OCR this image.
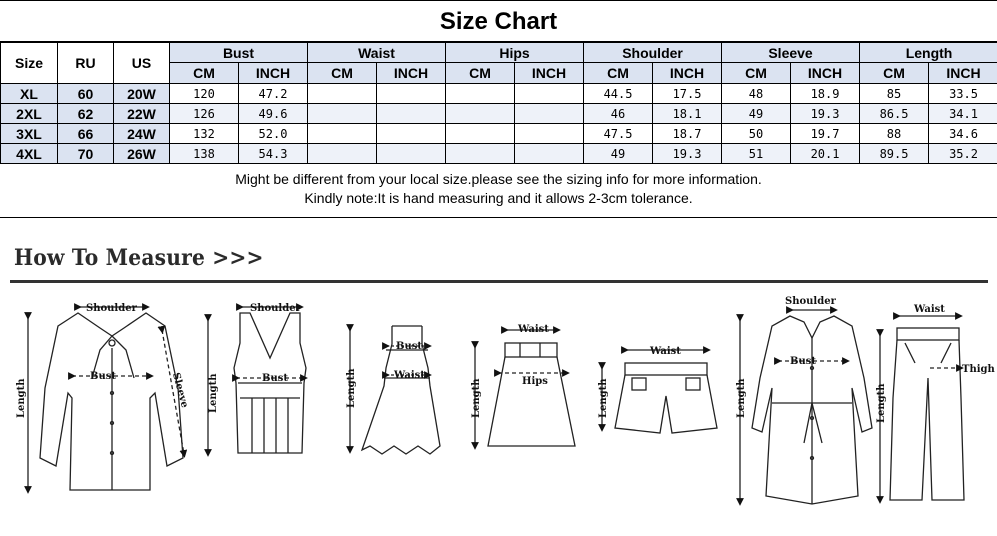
Size Chart
Size	RU	US	Bust		Waist		Hips		Shoulder		Sleeve		Length	
			CM	INCH	CM	INCH	CM	INCH	CM	INCH	CM	INCH	CM	INCH
XL	60	20W	120	47.2					44.5	17.5	48	18.9	85	33.5
2XL	62	22W	126	49.6					46	18.1	49	19.3	86.5	34.1
3XL	66	24W	132	52.0					47.5	18.7	50	19.7	88	34.6
4XL	70	26W	138	54.3					49	19.3	51	20.1	89.5	35.2
Might be different from your local size.please see the sizing info for more information.
Kindly note:It is hand measuring and it allows 2-3cm tolerance.
How To Measure >>>
Shoulder
Bust	Sleeve
Length
Shoulder
Bust
Length
Bust
Waist
Length
Waist
Hips
Length
Waist
Length
Shoulder
Bust
Length
Waist
Thigh
Length
